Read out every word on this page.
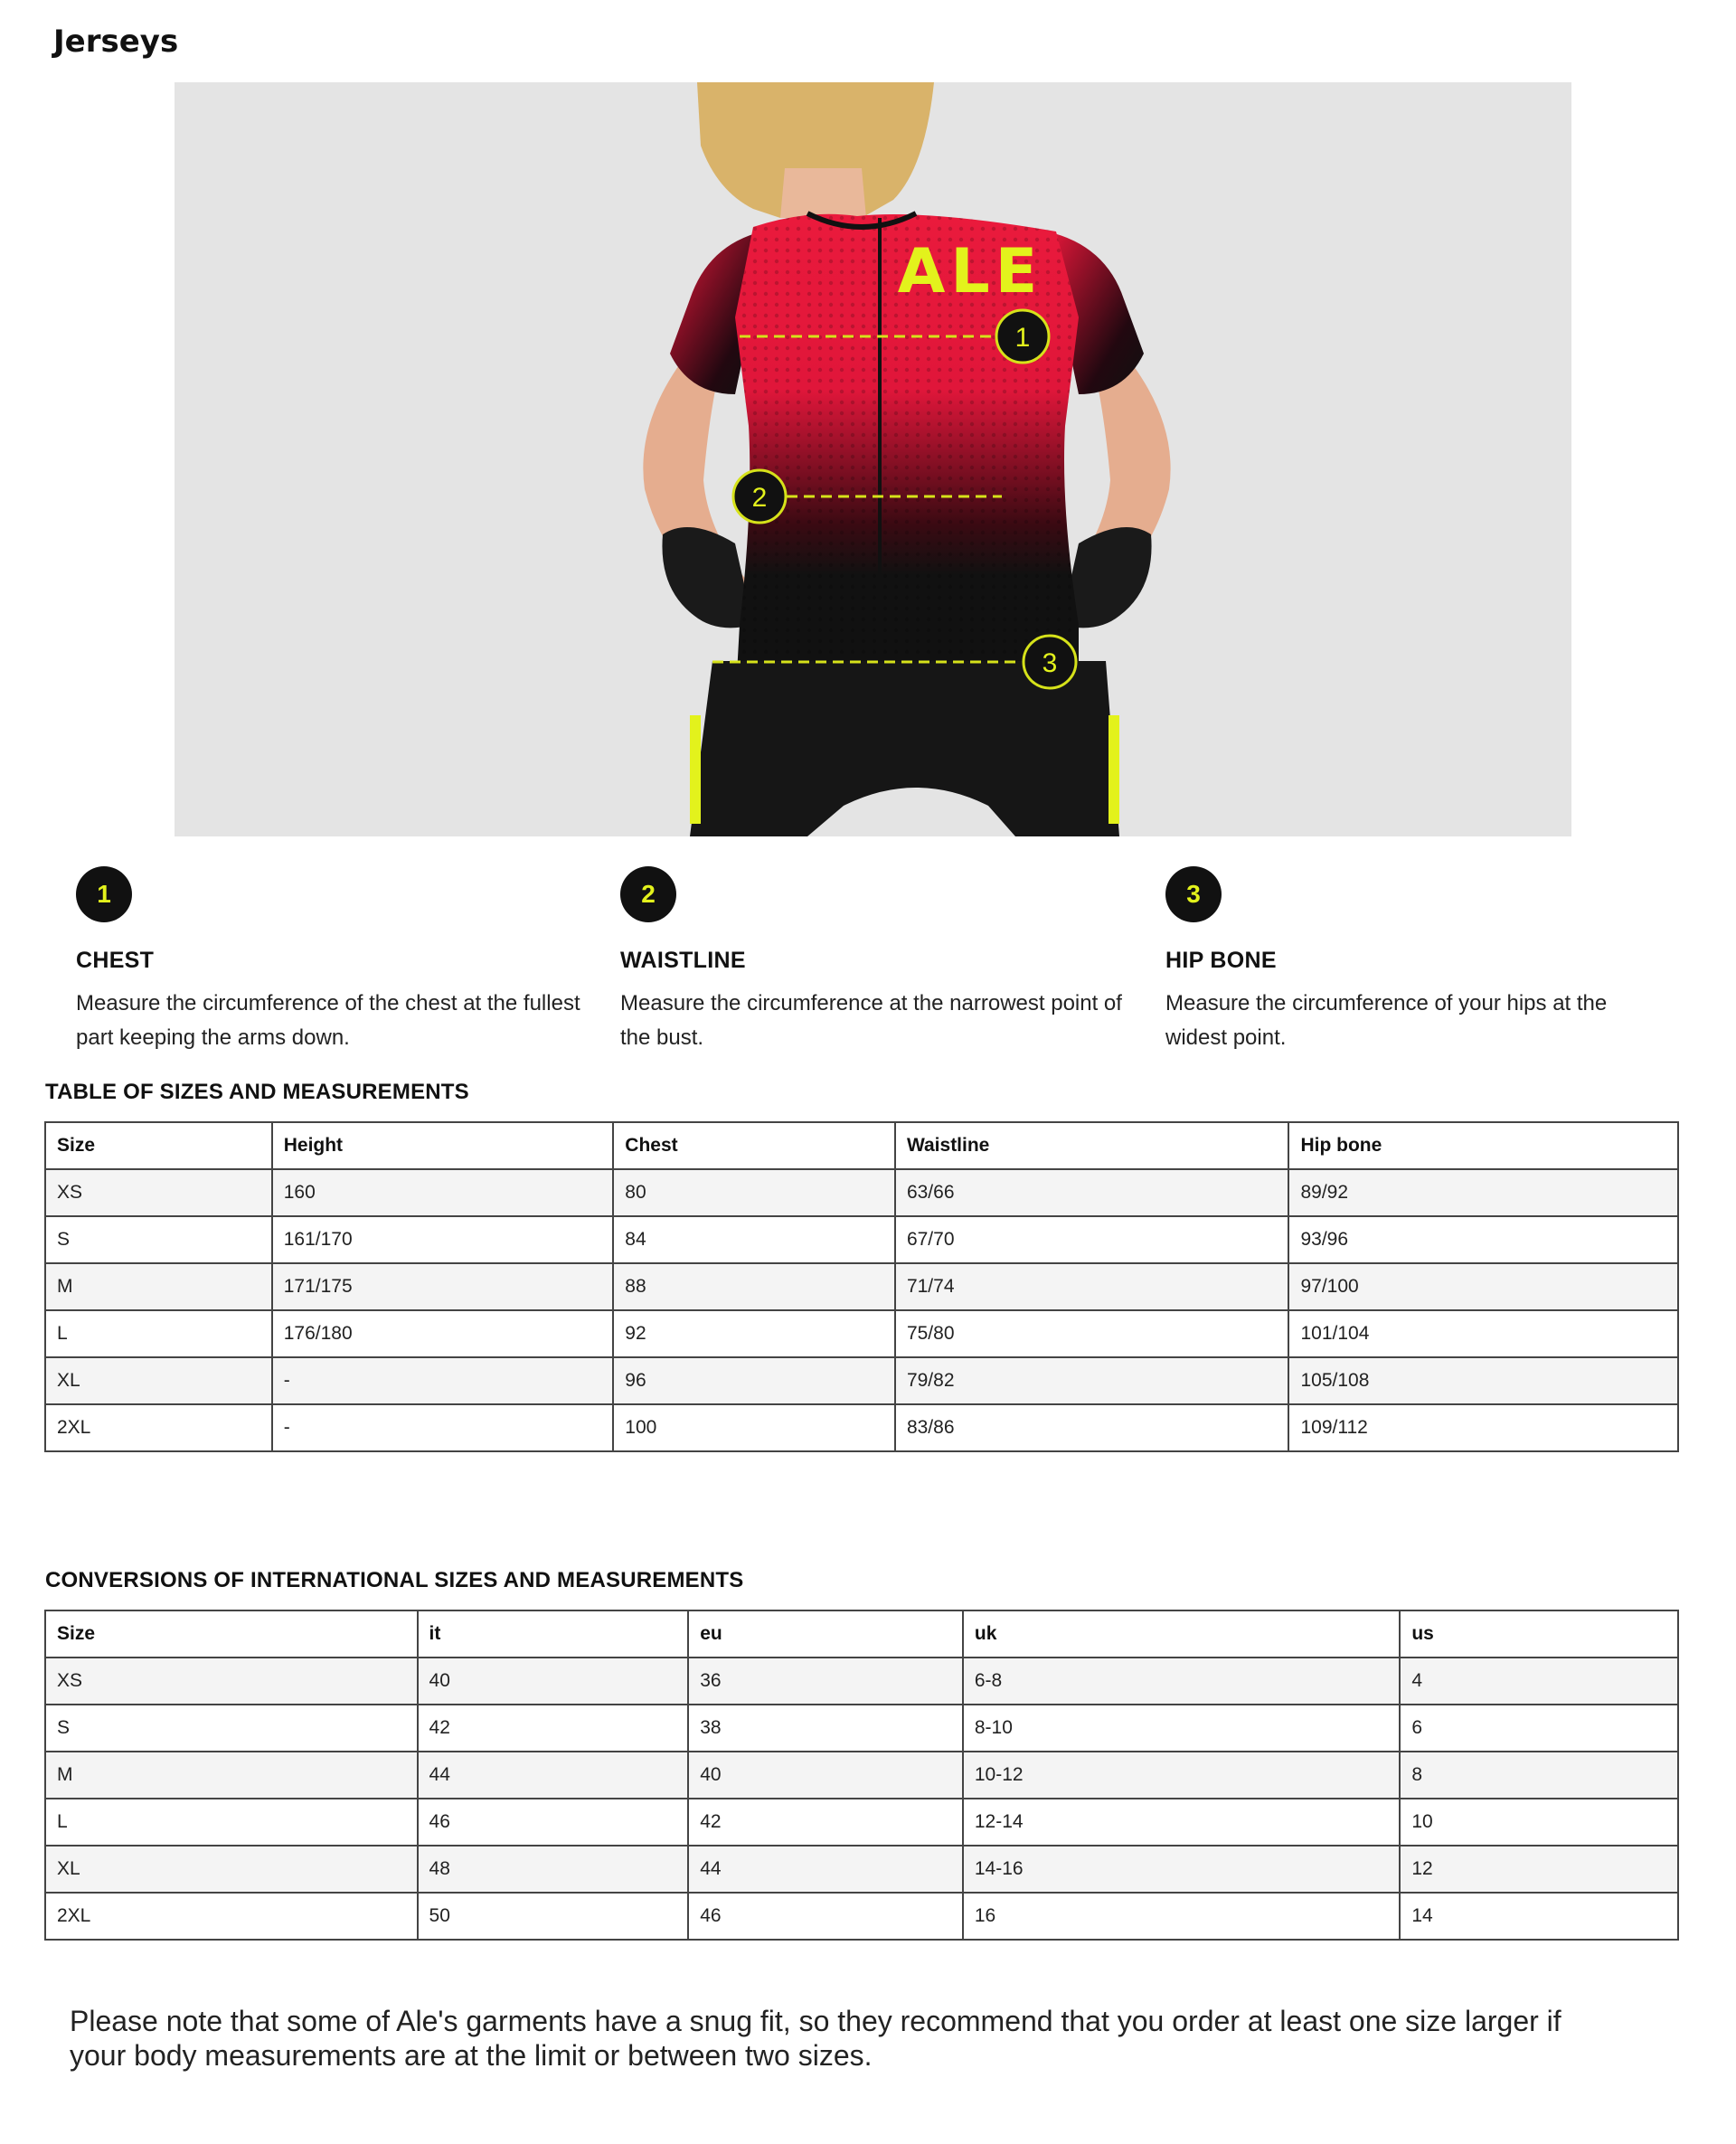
Jerseys
ALE
1
2
3
1
CHEST
Measure the circumference of the chest at the fullest part keeping the arms down.
2
WAISTLINE
Measure the circumference at the narrowest point of the bust.
3
HIP BONE
Measure the circumference of your hips at the widest point.
TABLE OF SIZES AND MEASUREMENTS
Size	Height	Chest	Waistline	Hip bone
XS	160	80	63/66	89/92
S	161/170	84	67/70	93/96
M	171/175	88	71/74	97/100
L	176/180	92	75/80	101/104
XL	-	96	79/82	105/108
2XL	-	100	83/86	109/112
CONVERSIONS OF INTERNATIONAL SIZES AND MEASUREMENTS
Size	it	eu	uk	us
XS	40	36	6-8	4
S	42	38	8-10	6
M	44	40	10-12	8
L	46	42	12-14	10
XL	48	44	14-16	12
2XL	50	46	16	14

Please note that some of Ale's garments have a snug fit, so they recommend that you order at least one size larger if your body measurements are at the limit or between two sizes.
